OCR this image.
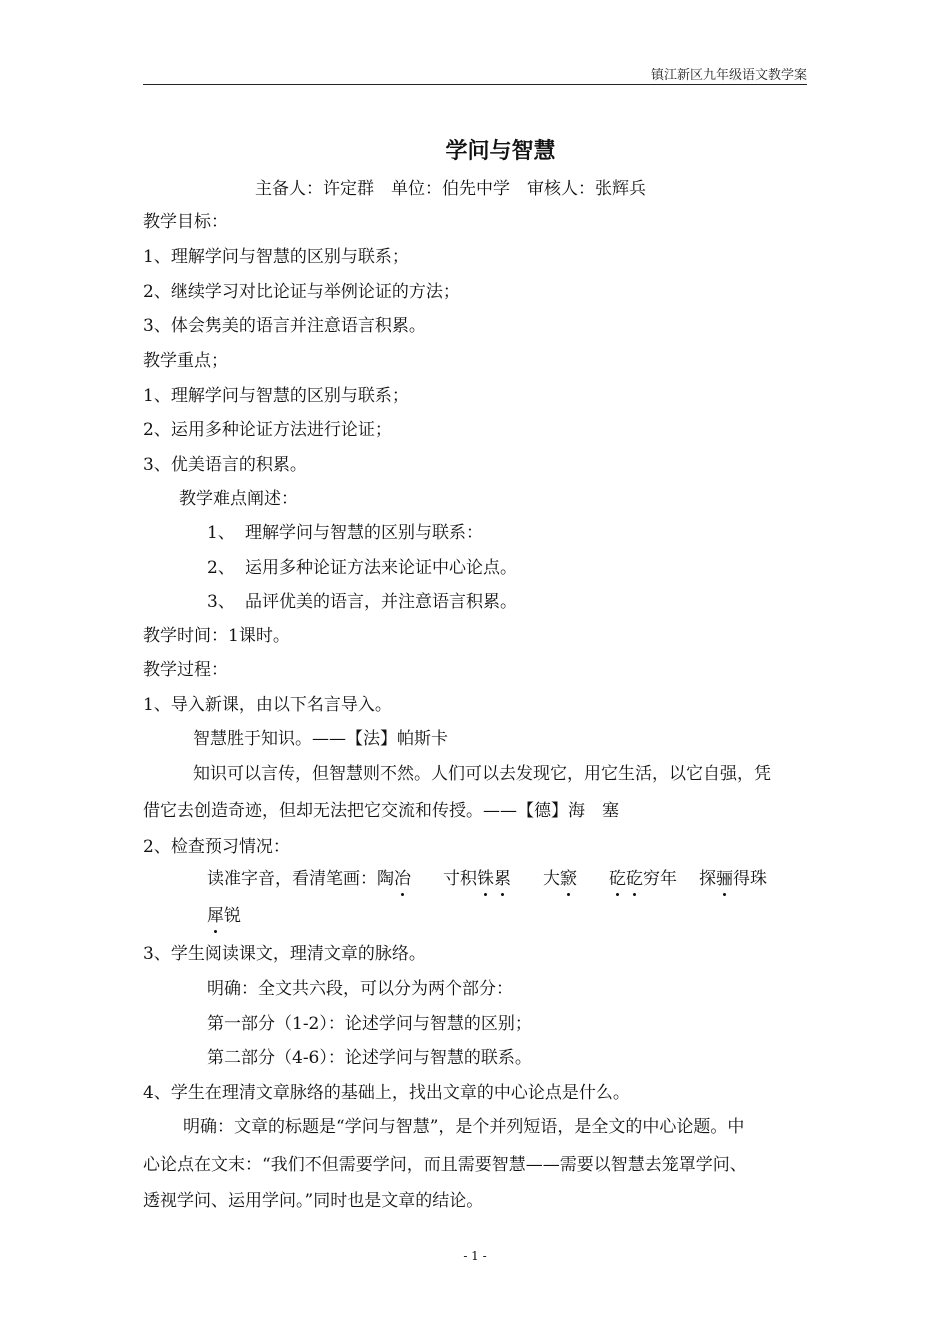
镇江新区九年级语文教学案
学问与智慧
主备人：许定群　单位：伯先中学　审核人：张辉兵
教学目标：
1、理解学问与智慧的区别与联系；
2、继续学习对比论证与举例论证的方法；
3、体会隽美的语言并注意语言积累。
教学重点；
1、理解学问与智慧的区别与联系；
2、运用多种论证方法进行论证；
3、优美语言的积累。
教学难点阐述：
1、 理解学问与智慧的区别与联系：
2、 运用多种论证方法来论证中心论点。
3、 品评优美的语言，并注意语言积累。
教学时间：1课时。
教学过程：
1、导入新课，由以下名言导入。
智慧胜于知识。——【法】帕斯卡
知识可以言传，但智慧则不然。人们可以去发现它，用它生活，以它自强，凭
借它去创造奇迹，但却无法把它交流和传授。——【德】海　塞
2、检查预习情况：
读准字音，看清笔画：陶冶 寸积铢累 大窾 矻矻穷年 探骊得珠
犀锐
3、学生阅读课文，理清文章的脉络。
明确：全文共六段，可以分为两个部分：
第一部分（1-2）：论述学问与智慧的区别；
第二部分（4-6）：论述学问与智慧的联系。
4、学生在理清文章脉络的基础上，找出文章的中心论点是什么。
明确：文章的标题是“学问与智慧”，是个并列短语，是全文的中心论题。中
心论点在文末：“我们不但需要学问，而且需要智慧——需要以智慧去笼罩学问、
透视学问、运用学问。”同时也是文章的结论。
- 1 -
